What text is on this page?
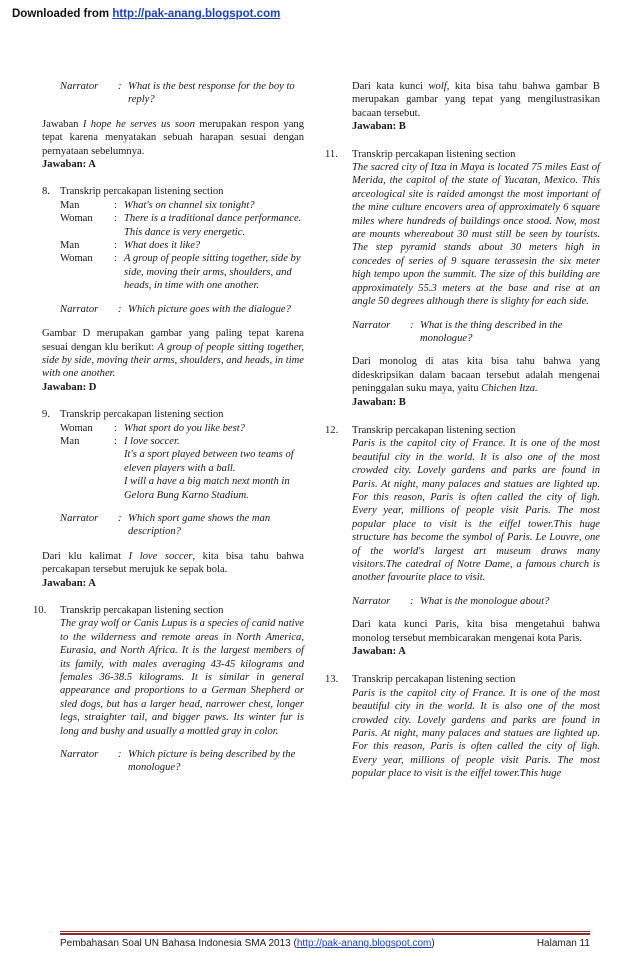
Downloaded from http://pak-anang.blogspot.com
Narrator	: What is the best response for the boy to reply?

Jawaban I hope he serves us soon merupakan respon yang tepat karena menyatakan sebuah harapan sesuai dengan pernyataan sebelumnya.

Jawaban: A
8. Transkrip percakapan listening section
Man	: What's on channel six tonight?
Woman	: There is a traditional dance performance. This dance is very energetic.
Man	: What does it like?
Woman	: A group of people sitting together, side by side, moving their arms, shoulders, and heads, in time with one another.
Narrator	: Which picture goes with the dialogue?

Gambar D merupakan gambar yang paling tepat karena sesuai dengan klu berikut: A group of people sitting together, side by side, moving their arms, shoulders, and heads, in time with one another.

Jawaban: D
9. Transkrip percakapan listening section
Woman	: What sport do you like best?
Man	: I love soccer.
It's a sport played between two teams of eleven players with a ball.
I will a have a big match next month in Gelora Bung Karno Stadium.
Narrator	: Which sport game shows the man description?

Dari klu kalimat I love soccer, kita bisa tahu bahwa percakapan tersebut merujuk ke sepak bola.

Jawaban: A
10. Transkrip percakapan listening section

The gray wolf or Canis Lupus is a species of canid native to the wilderness and remote areas in North America, Eurasia, and North Africa. It is the largest members of its family, with males averaging 43-45 kilograms and females 36-38.5 kilograms. It is similar in general appearance and proportions to a German Shepherd or sled dogs, but has a larger head, narrower chest, longer legs, straighter tail, and bigger paws. Its winter fur is long and bushy and usually a mottled gray in color.

Narrator	: Which picture is being described by the monologue?

Dari kata kunci wolf, kita bisa tahu bahwa gambar B merupakan gambar yang tepat yang mengilustrasikan bacaan tersebut.

Jawaban: B
11. Transkrip percakapan listening section

The sacred city of Itza in Maya is located 75 miles East of Merida, the capitol of the state of Yucatan, Mexico. This arceological site is raided amongst the most important of the mine culture encovers area of approximately 6 square miles where hundreds of buildings once stood. Now, most are mounts whereabout 30 must still be seen by tourists. The step pyramid stands about 30 meters high in concedes of series of 9 square terassesin the six meter high tempo upon the summit. The size of this building are approximately 55.3 meters at the base and rise at an angle 50 degrees although there is slighty for each side.

Narrator	: What is the thing described in the monologue?

Dari monolog di atas kita bisa tahu bahwa yang dideskripsikan dalam bacaan tersebut adalah mengenai peninggalan suku maya, yaitu Chichen Itza.

Jawaban: B
12. Transkrip percakapan listening section

Paris is the capitol city of France. It is one of the most beautiful city in the world. It is also one of the most crowded city. Lovely gardens and parks are found in Paris. At night, many palaces and statues are lighted up. For this reason, Paris is often called the city of ligh. Every year, millions of people visit Paris. The most popular place to visit is the eiffel tower.This huge structure has become the symbol of Paris. Le Louvre, one of the world's largest art museum draws many visitors.The catedral of Notre Dame, a famous church is another favourite place to visit.

Narrator	: What is the monologue about?

Dari kata kunci Paris, kita bisa mengetahui bahwa monolog tersebut membicarakan mengenai kota Paris.

Jawaban: A
13. Transkrip percakapan listening section

Paris is the capitol city of France. It is one of the most beautiful city in the world. It is also one of the most crowded city. Lovely gardens and parks are found in Paris. At night, many palaces and statues are lighted up. For this reason, Paris is often called the city of ligh. Every year, millions of people visit Paris. The most popular place to visit is the eiffel tower.This huge

Pembahasan Soal UN Bahasa Indonesia SMA 2013 (http://pak-anang.blogspot.com)	Halaman 11
